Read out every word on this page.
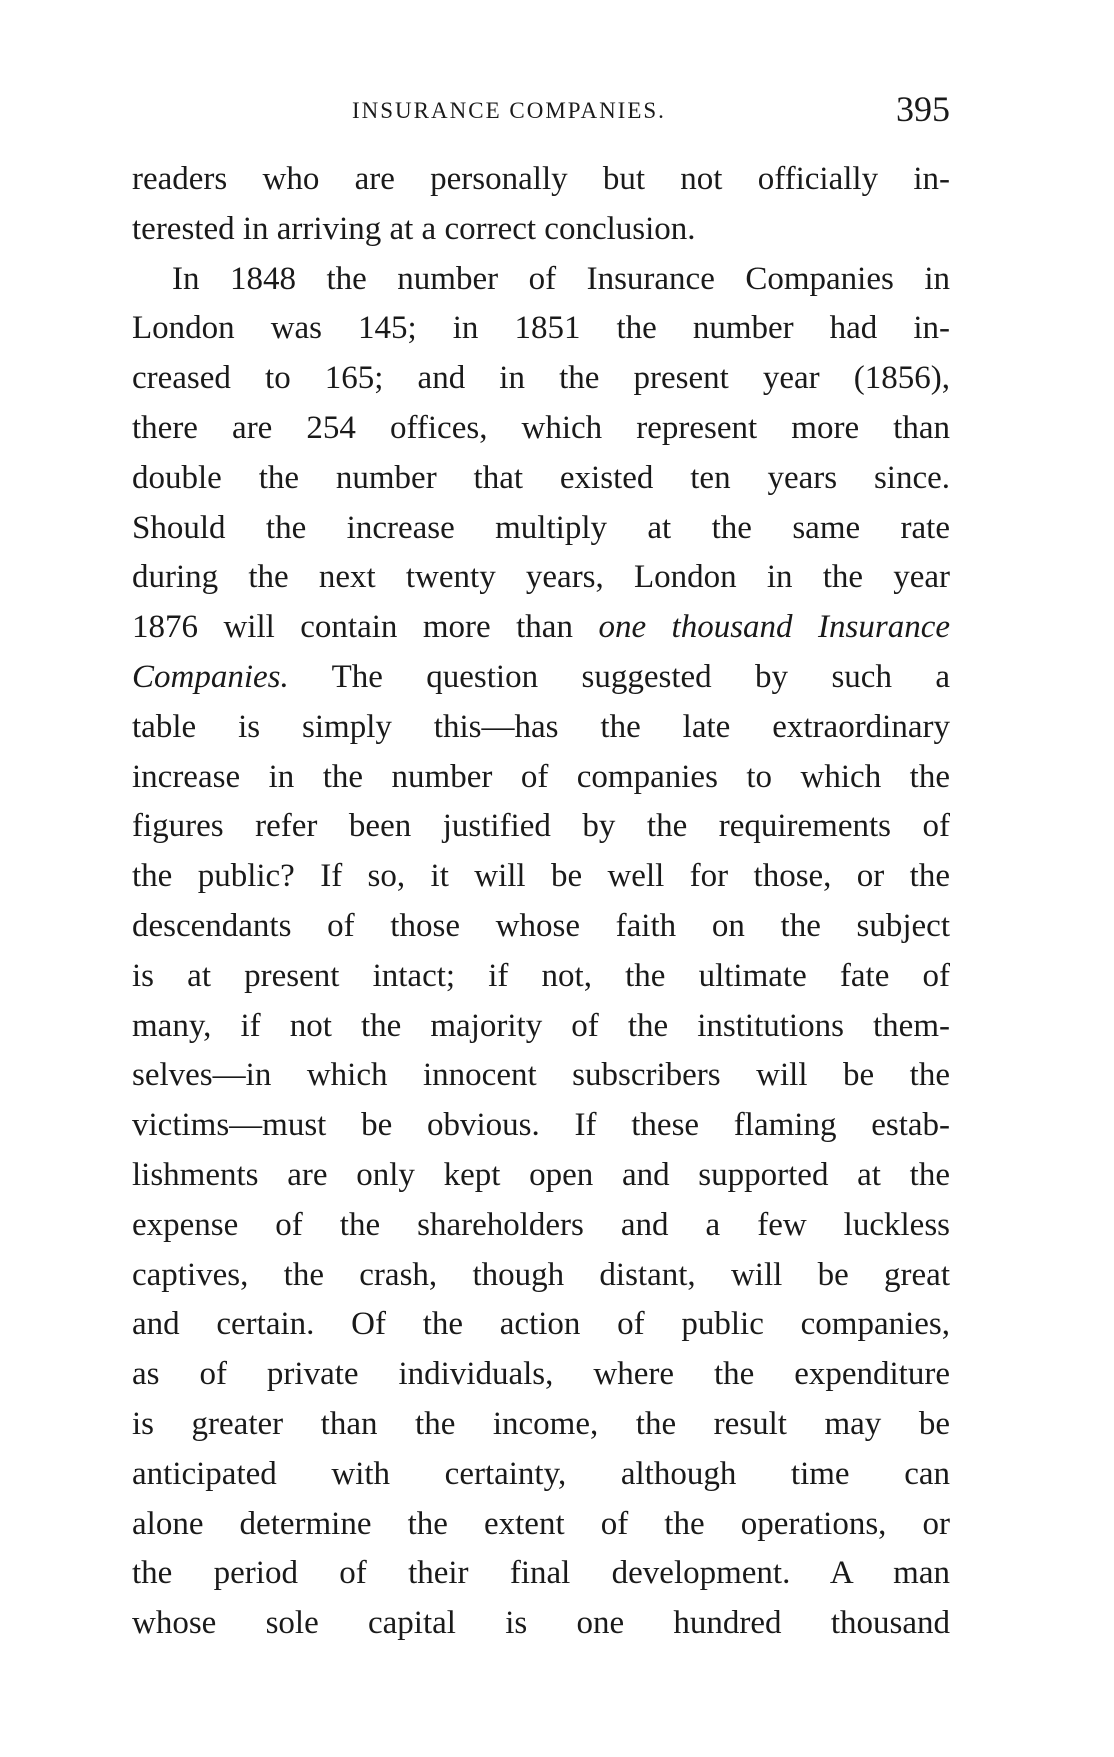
INSURANCE COMPANIES.	395
readers who are personally but not officially in-
terested in arriving at a correct conclusion.
In 1848 the number of Insurance Companies in
London was 145; in 1851 the number had in-
creased to 165; and in the present year (1856),
there are 254 offices, which represent more than
double the number that existed ten years since.
Should the increase multiply at the same rate
during the next twenty years, London in the year
1876 will contain more than one thousand Insurance
Companies. The question suggested by such a
table is simply this—has the late extraordinary
increase in the number of companies to which the
figures refer been justified by the requirements of
the public? If so, it will be well for those, or the
descendants of those whose faith on the subject
is at present intact; if not, the ultimate fate of
many, if not the majority of the institutions them-
selves—in which innocent subscribers will be the
victims—must be obvious. If these flaming estab-
lishments are only kept open and supported at the
expense of the shareholders and a few luckless
captives, the crash, though distant, will be great
and certain. Of the action of public companies,
as of private individuals, where the expenditure
is greater than the income, the result may be
anticipated with certainty, although time can
alone determine the extent of the operations, or
the period of their final development. A man
whose sole capital is one hundred thousand
